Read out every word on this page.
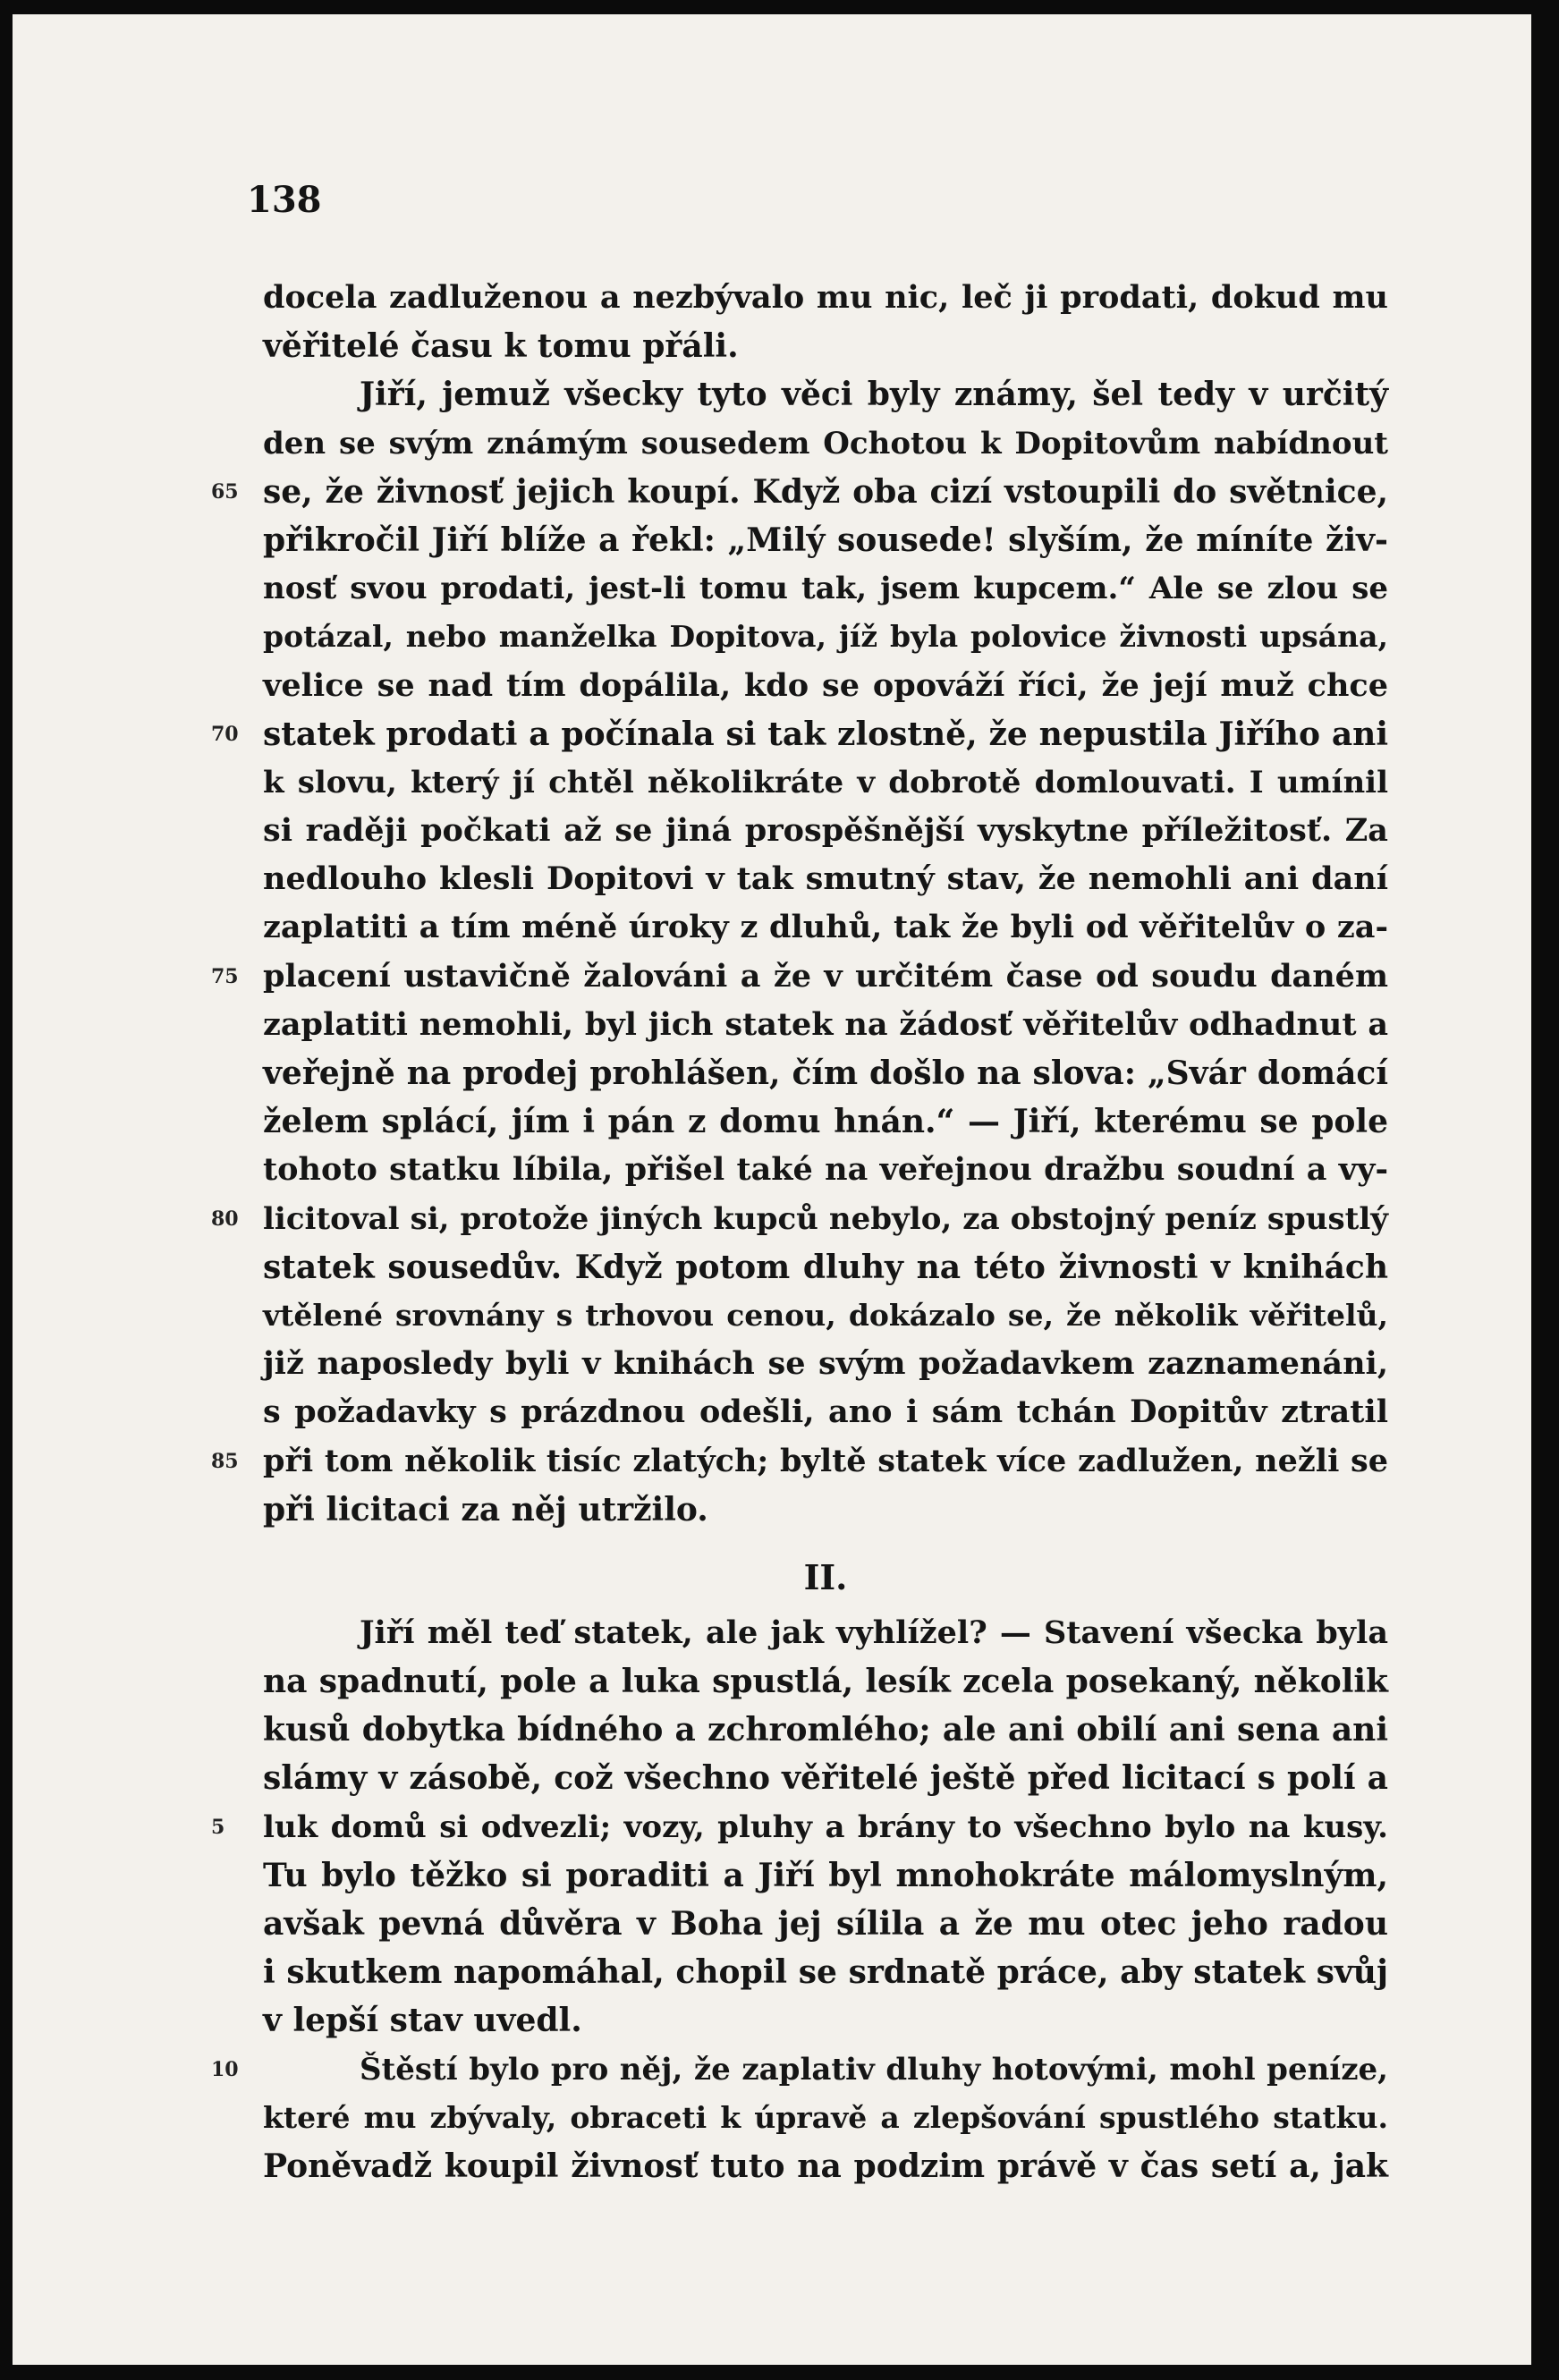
138
docela zadluženou a nezbývalo mu nic, leč ji prodati, dokud mu
věřitelé času k tomu přáli.
Jiří, jemuž všecky tyto věci byly známy, šel tedy v určitý
den se svým známým sousedem Ochotou k Dopitovům nabídnout
65 se, že živnosť jejich koupí. Když oba cizí vstoupili do světnice,
přikročil Jiří blíže a řekl: „Milý sousede! slyším, že míníte živ-
nosť svou prodati, jest-li tomu tak, jsem kupcem.“ Ale se zlou se
potázal, nebo manželka Dopitova, jíž byla polovice živnosti upsána,
velice se nad tím dopálila, kdo se opováží říci, že její muž chce
70 statek prodati a počínala si tak zlostně, že nepustila Jiřího ani
k slovu, který jí chtěl několikráte v dobrotě domlouvati. I umínil
si raději počkati až se jiná prospěšnější vyskytne příležitosť. Za
nedlouho klesli Dopitovi v tak smutný stav, že nemohli ani daní
zaplatiti a tím méně úroky z dluhů, tak že byli od věřitelův o za-
75 placení ustavičně žalováni a že v určitém čase od soudu daném
zaplatiti nemohli, byl jich statek na žádosť věřitelův odhadnut a
veřejně na prodej prohlášen, čím došlo na slova: „Svár domácí
želem splácí, jím i pán z domu hnán.“ — Jiří, kterému se pole
tohoto statku líbila, přišel také na veřejnou dražbu soudní a vy-
80 licitoval si, protože jiných kupců nebylo, za obstojný peníz spustlý
statek sousedův. Když potom dluhy na této živnosti v knihách
vtělené srovnány s trhovou cenou, dokázalo se, že několik věřitelů,
již naposledy byli v knihách se svým požadavkem zaznamenáni,
s požadavky s prázdnou odešli, ano i sám tchán Dopitův ztratil
85 při tom několik tisíc zlatých; byltě statek více zadlužen, nežli se
při licitaci za něj utržilo.
II.
Jiří měl teď statek, ale jak vyhlížel? — Stavení všecka byla
na spadnutí, pole a luka spustlá, lesík zcela posekaný, několik
kusů dobytka bídného a zchromlého; ale ani obilí ani sena ani
slámy v zásobě, což všechno věřitelé ještě před licitací s polí a
5 luk domů si odvezli; vozy, pluhy a brány to všechno bylo na kusy.
Tu bylo těžko si poraditi a Jiří byl mnohokráte málomyslným,
avšak pevná důvěra v Boha jej sílila a že mu otec jeho radou
i skutkem napomáhal, chopil se srdnatě práce, aby statek svůj
v lepší stav uvedl.
10	Štěstí bylo pro něj, že zaplativ dluhy hotovými, mohl peníze,
které mu zbývaly, obraceti k úpravě a zlepšování spustlého statku.
Poněvadž koupil živnosť tuto na podzim právě v čas setí a, jak
